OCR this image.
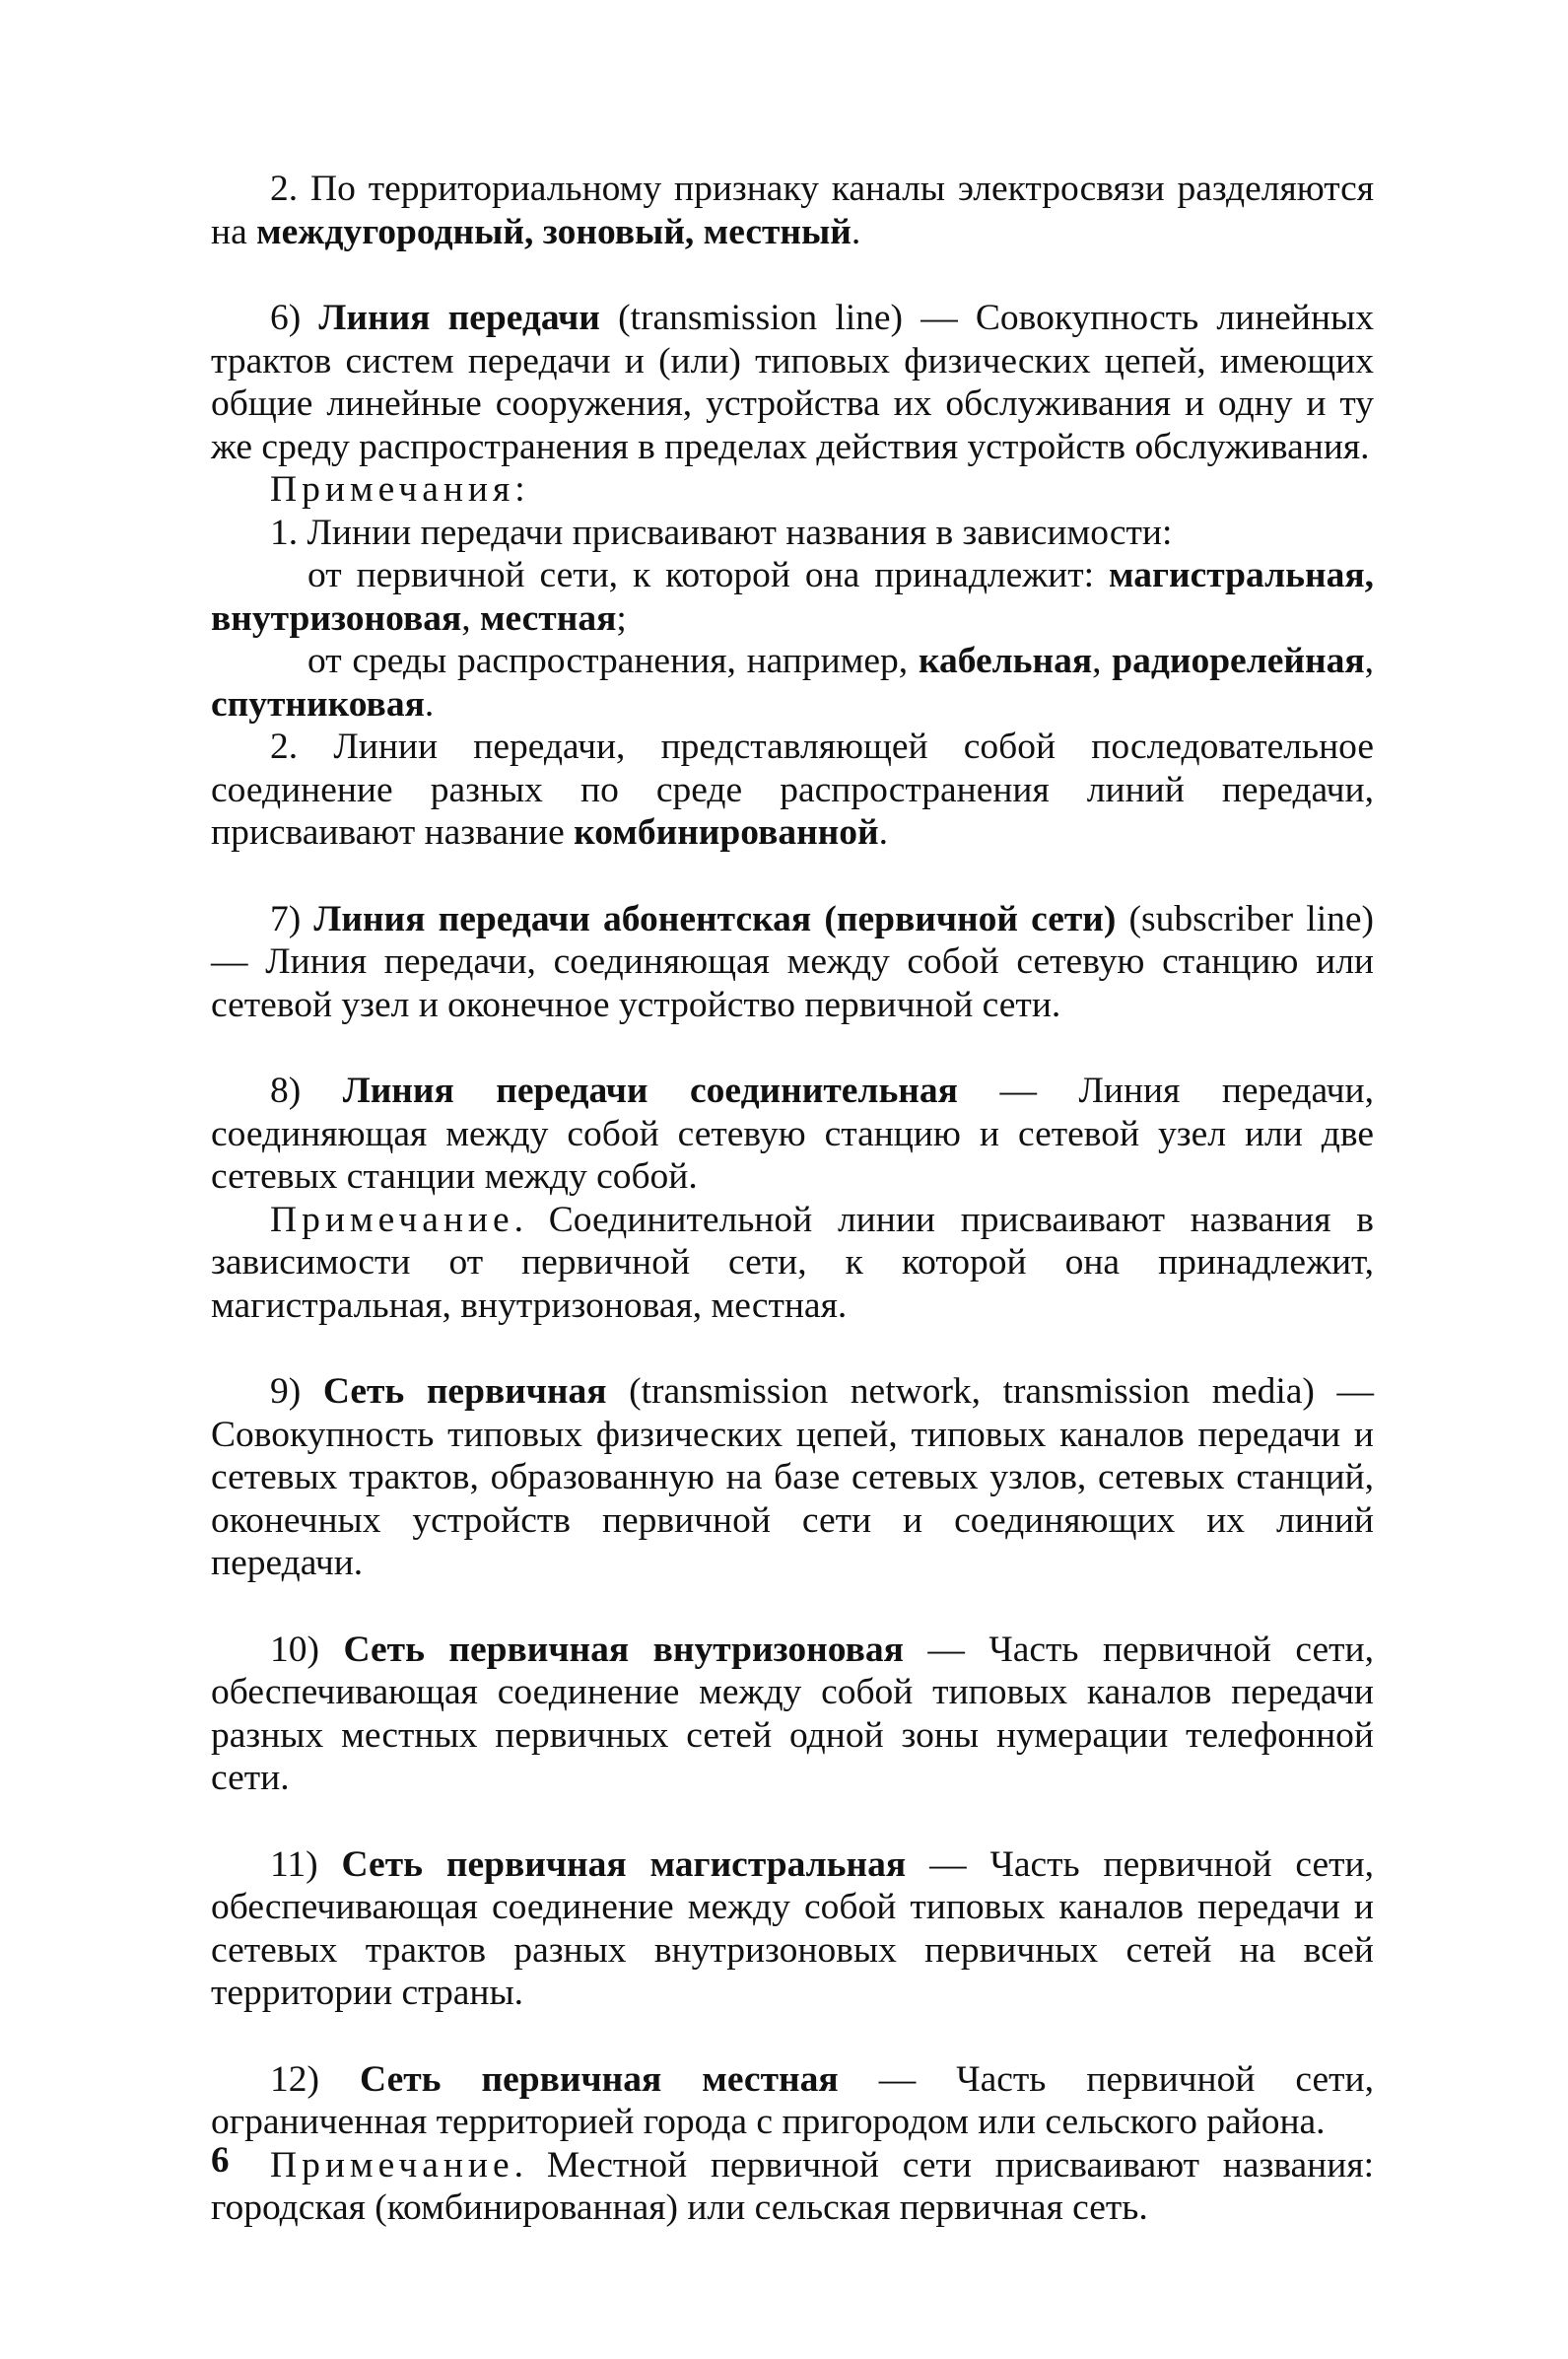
2. По территориальному признаку каналы электросвязи разделяются на междугородный, зоновый, местный.

6) Линия передачи (transmission line) — Совокупность линейных трактов систем передачи и (или) типовых физических цепей, имеющих общие линейные сооружения, устройства их обслуживания и одну и ту же среду распространения в пределах действия устройств обслуживания.

Примечания:

1. Линии передачи присваивают названия в зависимости:

от первичной сети, к которой она принадлежит: магистральная, внутризоновая, местная;

от среды распространения, например, кабельная, радиорелейная, спутниковая.

2. Линии передачи, представляющей собой последовательное соединение разных по среде распространения линий передачи, присваивают название комбинированной.

7) Линия передачи абонентская (первичной сети) (subscriber line) — Линия передачи, соединяющая между собой сетевую станцию или сетевой узел и оконечное устройство первичной сети.

8) Линия передачи соединительная — Линия передачи, соединяющая между собой сетевую станцию и сетевой узел или две сетевых станции между собой.

Примечание. Соединительной линии присваивают названия в зависимости от первичной сети, к которой она принадлежит, магистральная, внутризоновая, местная.

9) Сеть первичная (transmission network, transmission media) — Совокупность типовых физических цепей, типовых каналов передачи и сетевых трактов, образованную на базе сетевых узлов, сетевых станций, оконечных устройств первичной сети и соединяющих их линий передачи.

10) Сеть первичная внутризоновая — Часть первичной сети, обеспечивающая соединение между собой типовых каналов передачи разных местных первичных сетей одной зоны нумерации телефонной сети.

11) Сеть первичная магистральная — Часть первичной сети, обеспечивающая соединение между собой типовых каналов передачи и сетевых трактов разных внутризоновых первичных сетей на всей территории страны.

12) Сеть первичная местная — Часть первичной сети, ограниченная территорией города с пригородом или сельского района.

Примечание. Местной первичной сети присваивают названия: городская (комбинированная) или сельская первичная сеть.

6
